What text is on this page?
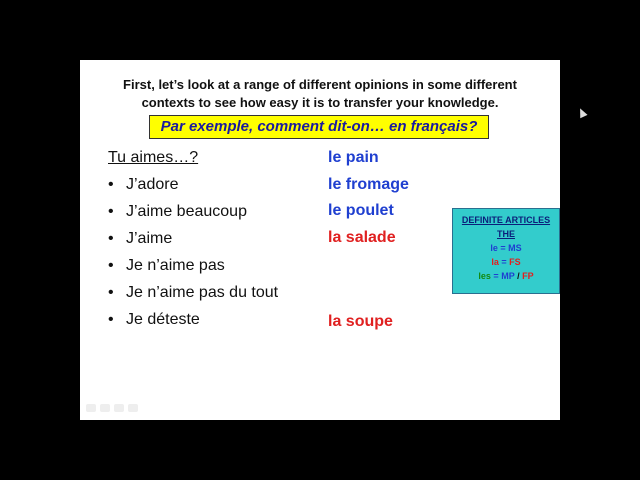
First, let’s look at a range of different opinions in some different
contexts to see how easy it is to transfer your knowledge.
Par exemple, comment dit-on… en français?
Tu aimes…?
• J’adore
• J’aime beaucoup
• J’aime
• Je n’aime pas
• Je n’aime pas du tout
• Je déteste
le pain
le fromage
le poulet
la salade
la soupe
DEFINITE ARTICLES
THE
le = MS
la = FS
les = MP / FP
